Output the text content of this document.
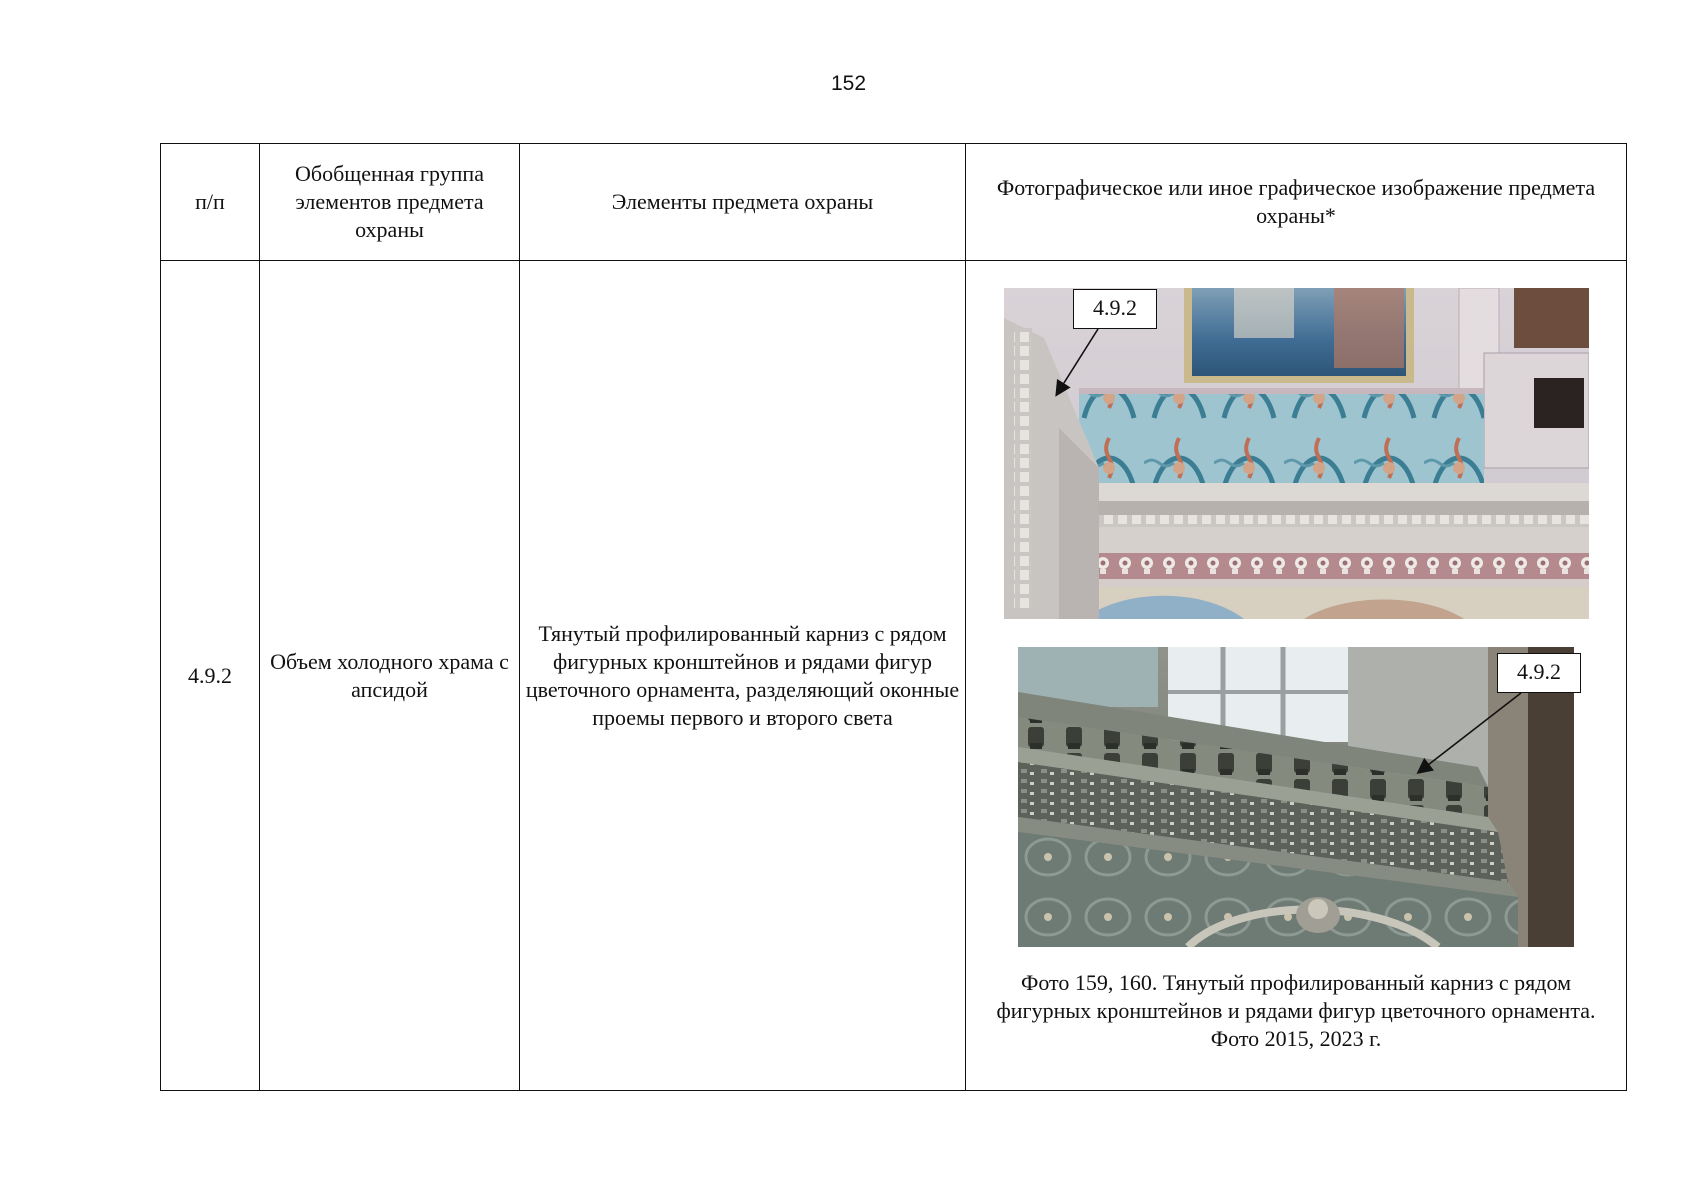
152
п/п	Обобщенная группа элементов предмета охраны	Элементы предмета охраны	Фотографическое или иное графическое изображение предмета охраны*
4.9.2	Объем холодного храма с апсидой	Тянутый профилированный карниз с рядом фигурных кронштейнов и рядами фигур цветочного орнамента, разделяющий оконные проемы первого и второго света	4.9.2
4.9.2
Фото 159, 160. Тянутый профилированный карниз с рядом фигурных кронштейнов и рядами фигур цветочного орнамента. Фото 2015, 2023 г.
